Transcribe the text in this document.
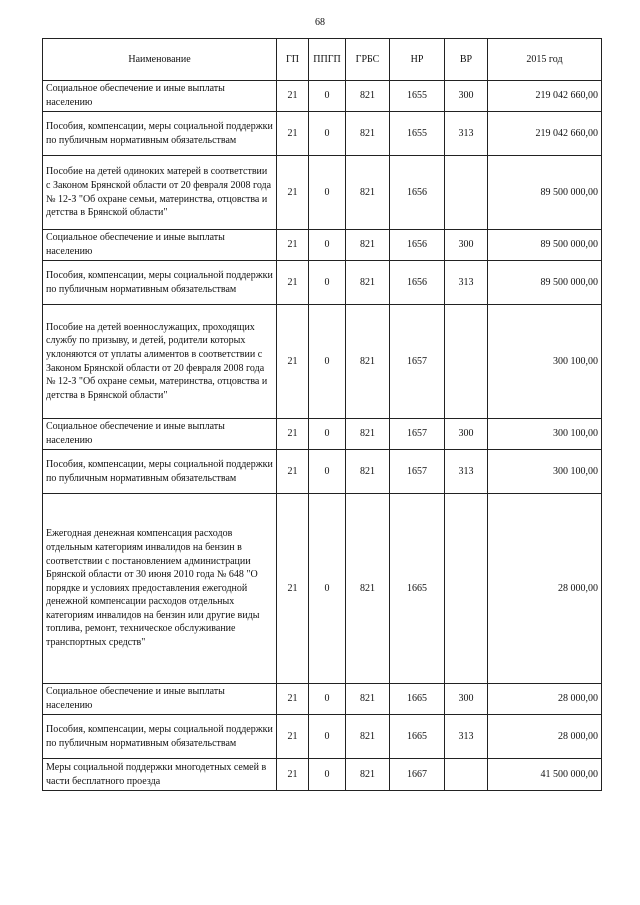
68
Наименование	ГП	ППГП	ГРБС	НР	ВР	2015 год
Социальное обеспечение и иные выплаты населению	21	0	821	1655	300	219 042 660,00
Пособия, компенсации, меры социальной поддержки по публичным нормативным обязательствам	21	0	821	1655	313	219 042 660,00
Пособие на детей одиноких матерей в соответствии с Законом Брянской области от 20 февраля 2008 года № 12-З "Об охране семьи, материнства, отцовства и детства в Брянской области"	21	0	821	1656		89 500 000,00
Социальное обеспечение и иные выплаты населению	21	0	821	1656	300	89 500 000,00
Пособия, компенсации, меры социальной поддержки по публичным нормативным обязательствам	21	0	821	1656	313	89 500 000,00
Пособие на детей военнослужащих, проходящих службу по призыву, и детей, родители которых уклоняются от уплаты алиментов в соответствии с Законом Брянской области от 20 февраля 2008 года № 12-З "Об охране семьи, материнства, отцовства и детства в Брянской области"	21	0	821	1657		300 100,00
Социальное обеспечение и иные выплаты населению	21	0	821	1657	300	300 100,00
Пособия, компенсации, меры социальной поддержки по публичным нормативным обязательствам	21	0	821	1657	313	300 100,00
Ежегодная денежная компенсация расходов отдельным категориям инвалидов на бензин в соответствии с постановлением администрации Брянской области от 30 июня 2010 года № 648 "О порядке и условиях предоставления ежегодной денежной компенсации расходов отдельных категориям инвалидов на бензин или другие виды топлива, ремонт, техническое обслуживание транспортных средств"	21	0	821	1665		28 000,00
Социальное обеспечение и иные выплаты населению	21	0	821	1665	300	28 000,00
Пособия, компенсации, меры социальной поддержки по публичным нормативным обязательствам	21	0	821	1665	313	28 000,00
Меры социальной поддержки многодетных семей в части бесплатного проезда	21	0	821	1667		41 500 000,00
